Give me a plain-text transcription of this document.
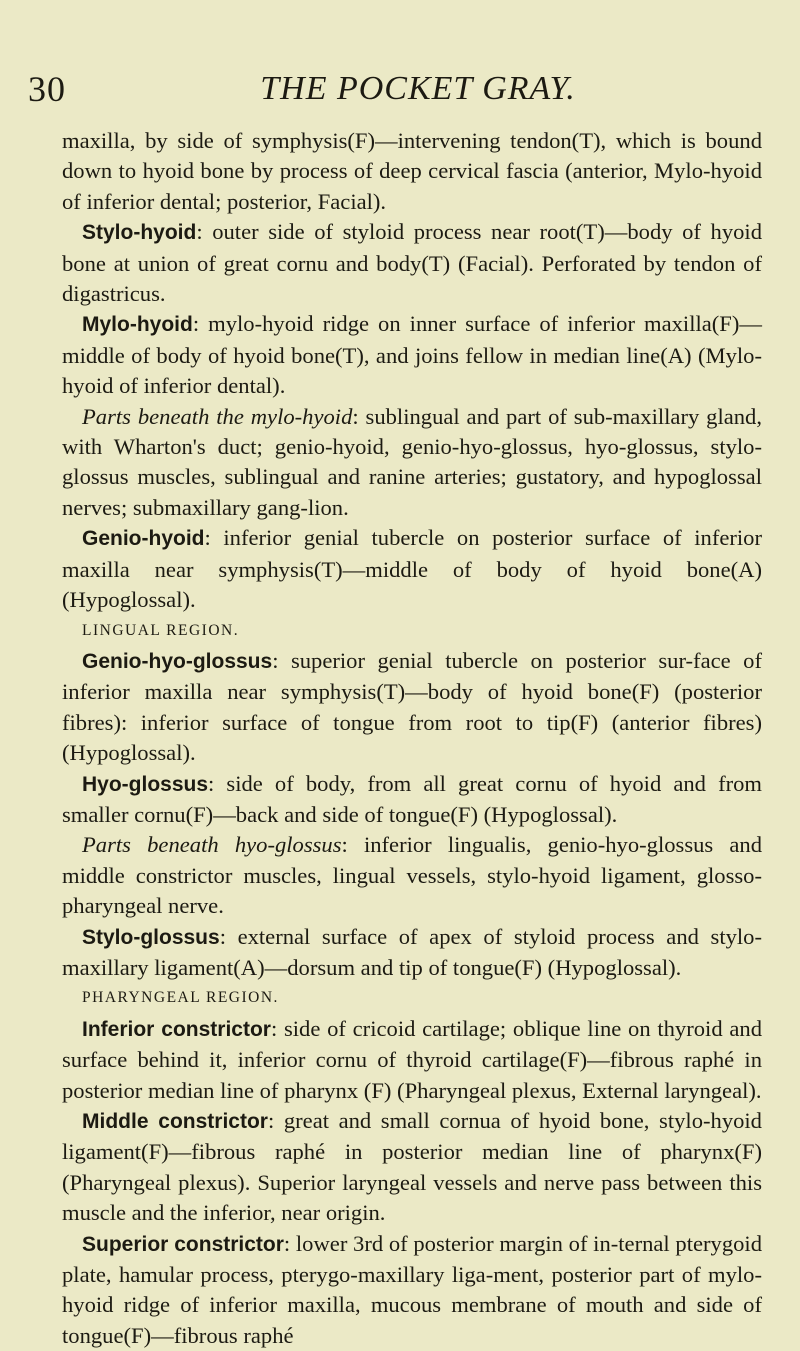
30	THE POCKET GRAY.

maxilla, by side of symphysis(F)—intervening tendon(T), which is bound down to hyoid bone by process of deep cervical fascia (anterior, Mylo-hyoid of inferior dental; posterior, Facial).

Stylo-hyoid: outer side of styloid process near root(T)—body of hyoid bone at union of great cornu and body(T) (Facial). Perforated by tendon of digastricus.

Mylo-hyoid: mylo-hyoid ridge on inner surface of inferior maxilla(F)—middle of body of hyoid bone(T), and joins fellow in median line(A) (Mylo-hyoid of inferior dental).

Parts beneath the mylo-hyoid: sublingual and part of sub-maxillary gland, with Wharton's duct; genio-hyoid, genio-hyo-glossus, hyo-glossus, stylo-glossus muscles, sublingual and ranine arteries; gustatory, and hypoglossal nerves; submaxillary gang-lion.

Genio-hyoid: inferior genial tubercle on posterior surface of inferior maxilla near symphysis(T)—middle of body of hyoid bone(A) (Hypoglossal).

LINGUAL REGION.

Genio-hyo-glossus: superior genial tubercle on posterior sur-face of inferior maxilla near symphysis(T)—body of hyoid bone(F) (posterior fibres): inferior surface of tongue from root to tip(F) (anterior fibres) (Hypoglossal).

Hyo-glossus: side of body, from all great cornu of hyoid and from smaller cornu(F)—back and side of tongue(F) (Hypoglossal).

Parts beneath hyo-glossus: inferior lingualis, genio-hyo-glossus and middle constrictor muscles, lingual vessels, stylo-hyoid ligament, glosso-pharyngeal nerve.

Stylo-glossus: external surface of apex of styloid process and stylo-maxillary ligament(A)—dorsum and tip of tongue(F) (Hypoglossal).

PHARYNGEAL REGION.

Inferior constrictor: side of cricoid cartilage; oblique line on thyroid and surface behind it, inferior cornu of thyroid cartilage(F)—fibrous raphé in posterior median line of pharynx (F) (Pharyngeal plexus, External laryngeal).

Middle constrictor: great and small cornua of hyoid bone, stylo-hyoid ligament(F)—fibrous raphé in posterior median line of pharynx(F) (Pharyngeal plexus). Superior laryngeal vessels and nerve pass between this muscle and the inferior, near origin.

Superior constrictor: lower 3rd of posterior margin of in-ternal pterygoid plate, hamular process, pterygo-maxillary liga-ment, posterior part of mylo-hyoid ridge of inferior maxilla, mucous membrane of mouth and side of tongue(F)—fibrous raphé
